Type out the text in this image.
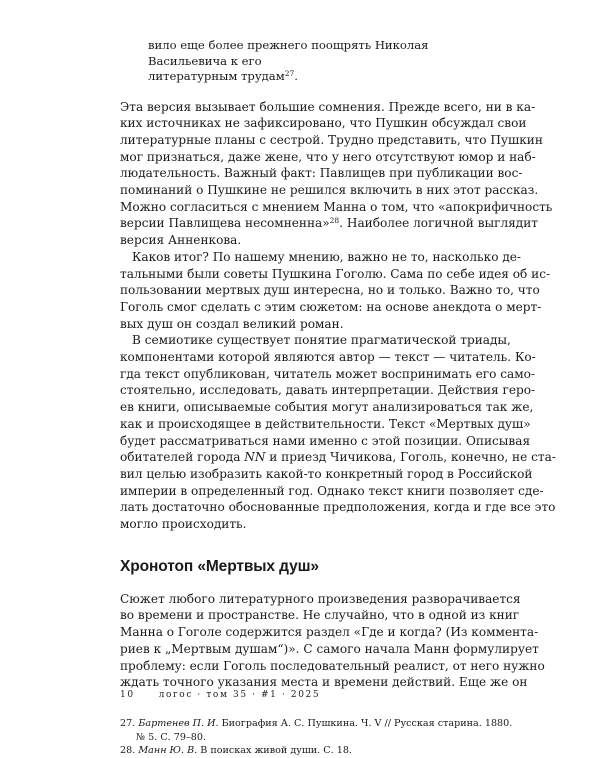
вило еще более прежнего поощрять Николая Васильевича к его
литературным трудам$^{27}$.
Эта версия вызывает большие сомнения. Прежде всего, ни в ка-
ких источниках не зафиксировано, что Пушкин обсуждал свои
литературные планы с сестрой. Трудно представить, что Пушкин
мог признаться, даже жене, что у него отсутствуют юмор и наб-
людательность. Важный факт: Павлищев при публикации вос-
поминаний о Пушкине не решился включить в них этот рассказ.
Можно согласиться с мнением Манна о том, что «апокрифичность
версии Павлищева несомненна»$^{28}$. Наиболее логичной выглядит
версия Анненкова.
Каков итог? По нашему мнению, важно не то, насколько де-
тальными были советы Пушкина Гоголю. Сама по себе идея об ис-
пользовании мертвых душ интересна, но и только. Важно то, что
Гоголь смог сделать с этим сюжетом: на основе анекдота о мерт-
вых душ он создал великий роман.
В семиотике существует понятие прагматической триады,
компонентами которой являются автор — текст — читатель. Ко-
гда текст опубликован, читатель может воспринимать его само-
стоятельно, исследовать, давать интерпретации. Действия геро-
ев книги, описываемые события могут анализироваться так же,
как и происходящее в действительности. Текст «Мертвых душ»
будет рассматриваться нами именно с этой позиции. Описывая
обитателей города NN и приезд Чичикова, Гоголь, конечно, не ста-
вил целью изобразить какой-то конкретный город в Российской
империи в определенный год. Однако текст книги позволяет сде-
лать достаточно обоснованные предположения, когда и где все это
могло происходить.
Хронотоп «Мертвых душ»
Сюжет любого литературного произведения разворачивается
во времени и пространстве. Не случайно, что в одной из книг
Манна о Гоголе содержится раздел «Где и когда? (Из коммента-
риев к „Мертвым душам“)». С самого начала Манн формулирует
проблему: если Гоголь последовательный реалист, от него нужно
ждать точного указания места и времени действий. Еще же он
27. Бартенев П. И. Биография А. С. Пушкина. Ч. V // Русская старина. 1880.
№ 5. С. 79–80.
28. Манн Ю. В. В поисках живой души. С. 18.
10	логос · том 35 · #1 · 2025
